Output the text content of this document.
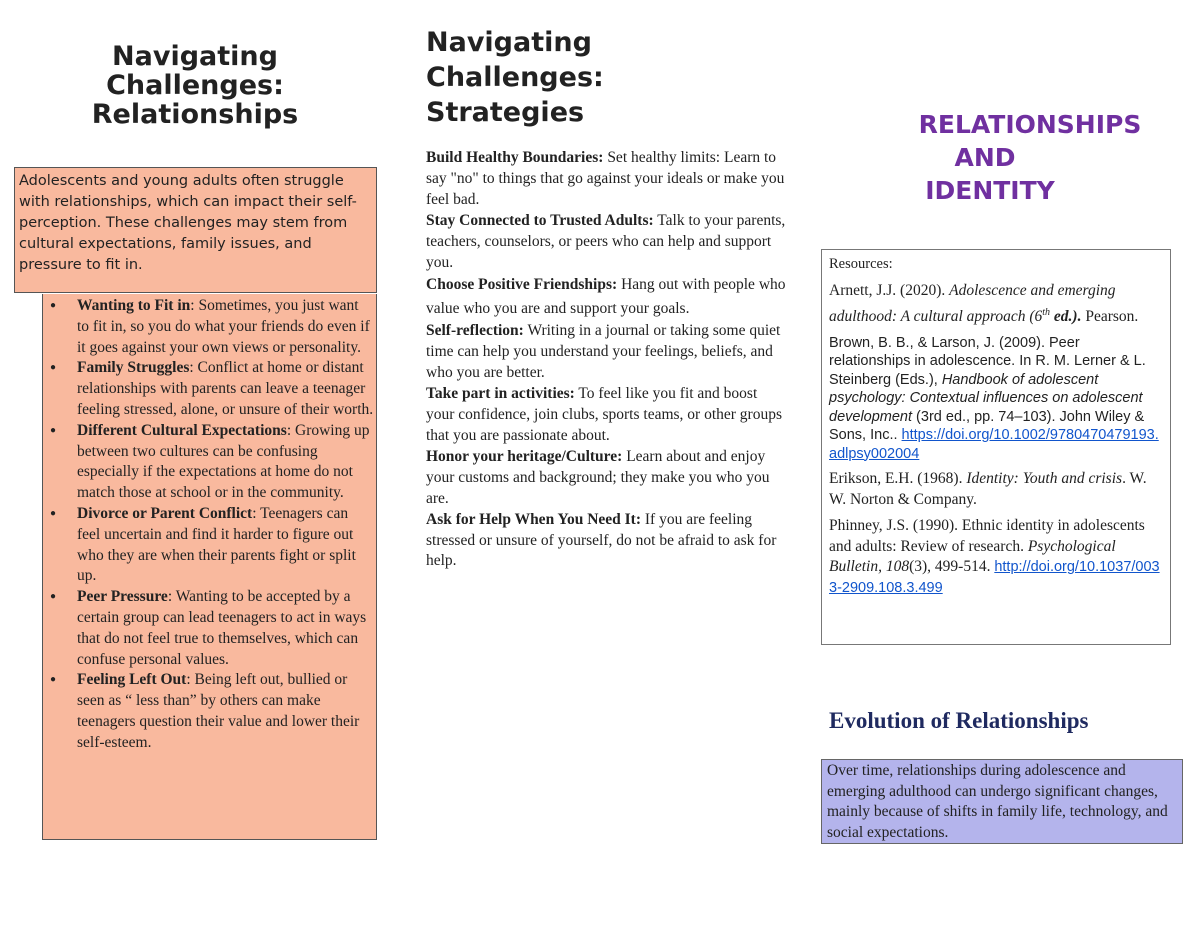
Navigating
Challenges:
Relationships
Adolescents and young adults often struggle with relationships, which can impact their self-perception. These challenges may stem from cultural expectations, family issues, and pressure to fit in.
● Wanting to Fit in: Sometimes, you just want to fit in, so you do what your friends do even if it goes against your own views or personality.
● Family Struggles: Conflict at home or distant relationships with parents can leave a teenager feeling stressed, alone, or unsure of their worth.
● Different Cultural Expectations: Growing up between two cultures can be confusing especially if the expectations at home do not match those at school or in the community.
● Divorce or Parent Conflict: Teenagers can feel uncertain and find it harder to figure out who they are when their parents fight or split up.
● Peer Pressure: Wanting to be accepted by a certain group can lead teenagers to act in ways that do not feel true to themselves, which can confuse personal values.
● Feeling Left Out: Being left out, bullied or seen as “ less than” by others can make teenagers question their value and lower their self-esteem.
Navigating
Challenges:
Strategies

Build Healthy Boundaries: Set healthy limits: Learn to say "no" to things that go against your ideals or make you feel bad.

Stay Connected to Trusted Adults: Talk to your parents, teachers, counselors, or peers who can help and support you.

Choose Positive Friendships: Hang out with people who value who you are and support your goals.

Self-reflection: Writing in a journal or taking some quiet time can help you understand your feelings, beliefs, and who you are better.

Take part in activities: To feel like you fit and boost your confidence, join clubs, sports teams, or other groups that you are passionate about.

Honor your heritage/Culture: Learn about and enjoy your customs and background; they make you who you are.

Ask for Help When You Need It: If you are feeling stressed or unsure of yourself, do not be afraid to ask for help.

RELATIONSHIPS
AND
IDENTITY

Resources:

Arnett, J.J. (2020). Adolescence and emerging adulthood: A cultural approach (6th ed.). Pearson.

Brown, B. B., & Larson, J. (2009). Peer relationships in adolescence. In R. M. Lerner & L. Steinberg (Eds.), Handbook of adolescent psychology: Contextual influences on adolescent development (3rd ed., pp. 74–103). John Wiley & Sons, Inc.. https://doi.org/10.1002/9780470479193.adlpsy002004

Erikson, E.H. (1968). Identity: Youth and crisis. W. W. Norton & Company.

Phinney, J.S. (1990). Ethnic identity in adolescents and adults: Review of research. Psychological Bulletin, 108(3), 499-514. http://doi.org/10.1037/0033-2909.108.3.499

Evolution of Relationships
Over time, relationships during adolescence and emerging adulthood can undergo significant changes, mainly because of shifts in family life, technology, and social expectations.
